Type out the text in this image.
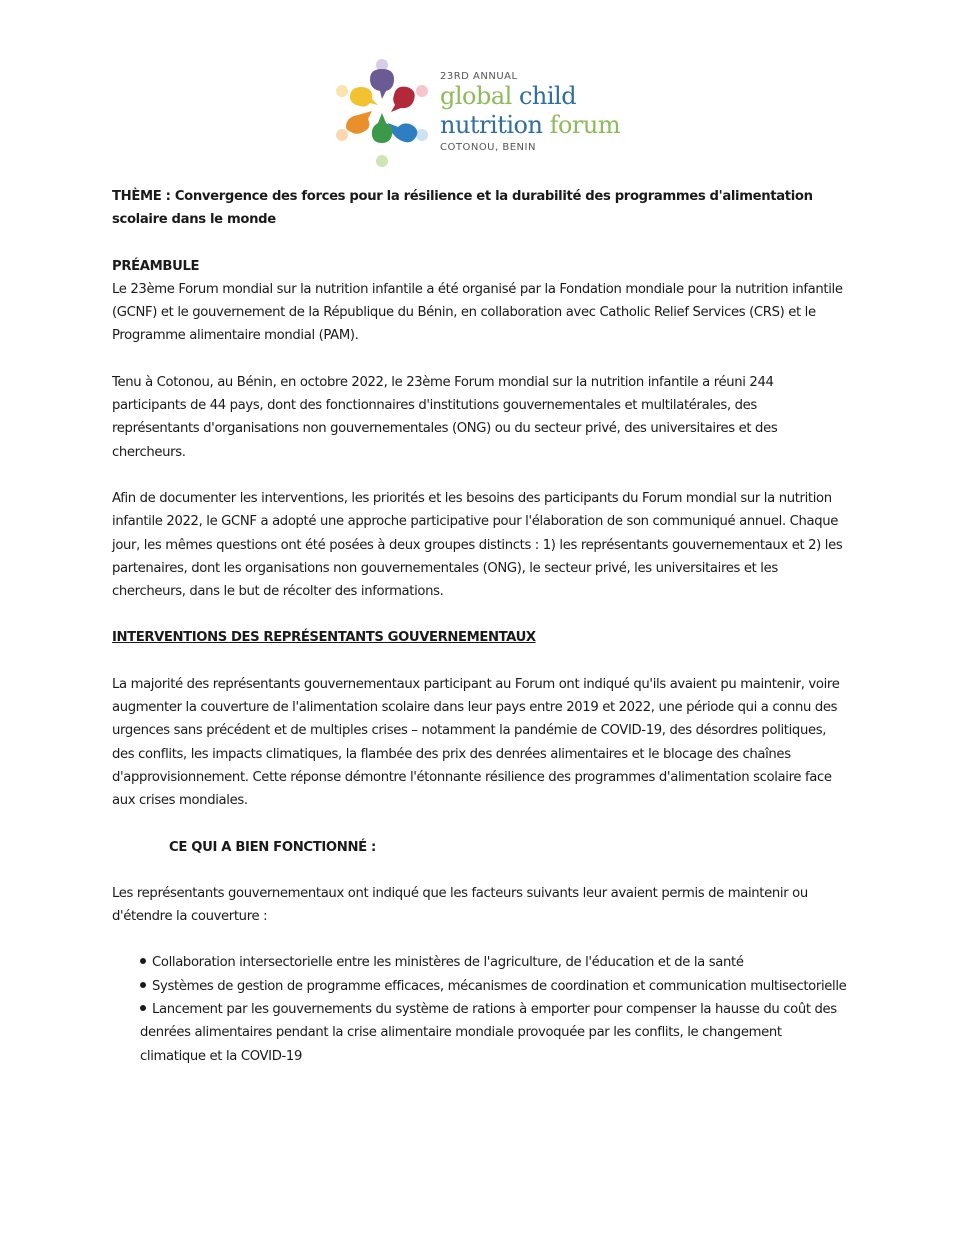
23RD ANNUAL
global child
nutrition forum
COTONOU, BENIN

THÈME : Convergence des forces pour la résilience et la durabilité des programmes d'alimentation scolaire dans le monde

PRÉAMBULE

Le 23ème Forum mondial sur la nutrition infantile a été organisé par la Fondation mondiale pour la nutrition infantile (GCNF) et le gouvernement de la République du Bénin, en collaboration avec Catholic Relief Services (CRS) et le Programme alimentaire mondial (PAM).

Tenu à Cotonou, au Bénin, en octobre 2022, le 23ème Forum mondial sur la nutrition infantile a réuni 244 participants de 44 pays, dont des fonctionnaires d'institutions gouvernementales et multilatérales, des représentants d'organisations non gouvernementales (ONG) ou du secteur privé, des universitaires et des chercheurs.

Afin de documenter les interventions, les priorités et les besoins des participants du Forum mondial sur la nutrition infantile 2022, le GCNF a adopté une approche participative pour l'élaboration de son communiqué annuel. Chaque jour, les mêmes questions ont été posées à deux groupes distincts : 1) les représentants gouvernementaux et 2) les partenaires, dont les organisations non gouvernementales (ONG), le secteur privé, les universitaires et les chercheurs, dans le but de récolter des informations.

INTERVENTIONS DES REPRÉSENTANTS GOUVERNEMENTAUX

La majorité des représentants gouvernementaux participant au Forum ont indiqué qu'ils avaient pu maintenir, voire augmenter la couverture de l'alimentation scolaire dans leur pays entre 2019 et 2022, une période qui a connu des urgences sans précédent et de multiples crises – notamment la pandémie de COVID-19, des désordres politiques, des conflits, les impacts climatiques, la flambée des prix des denrées alimentaires et le blocage des chaînes d'approvisionnement. Cette réponse démontre l'étonnante résilience des programmes d'alimentation scolaire face aux crises mondiales.

CE QUI A BIEN FONCTIONNÉ :

Les représentants gouvernementaux ont indiqué que les facteurs suivants leur avaient permis de maintenir ou d'étendre la couverture :

Collaboration intersectorielle entre les ministères de l'agriculture, de l'éducation et de la santé
Systèmes de gestion de programme efficaces, mécanismes de coordination et communication multisectorielle
Lancement par les gouvernements du système de rations à emporter pour compenser la hausse du coût des denrées alimentaires pendant la crise alimentaire mondiale provoquée par les conflits, le changement climatique et la COVID-19
